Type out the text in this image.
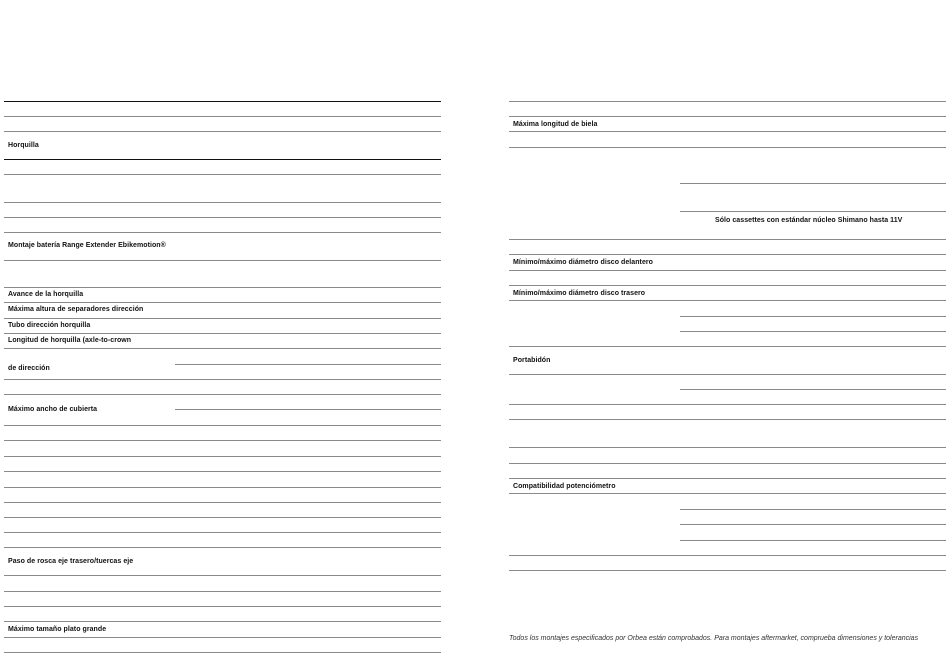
Horquilla
Montaje batería Range Extender Ebikemotion®
Avance de la horquilla
Máxima altura de separadores dirección
Tubo dirección horquilla
Longitud de horquilla (axle-to-crown
de dirección
Máximo ancho de cubierta
Paso de rosca eje trasero/tuercas eje
Máximo tamaño plato grande
Máxima longitud de biela
Sólo cassettes con estándar núcleo Shimano hasta 11V
Mínimo/máximo diámetro disco delantero
Mínimo/máximo diámetro disco trasero
Portabidón
Compatibilidad potenciómetro
Todos los montajes especificados por Orbea están comprobados. Para montajes aftermarket, comprueba dimensiones y tolerancias
